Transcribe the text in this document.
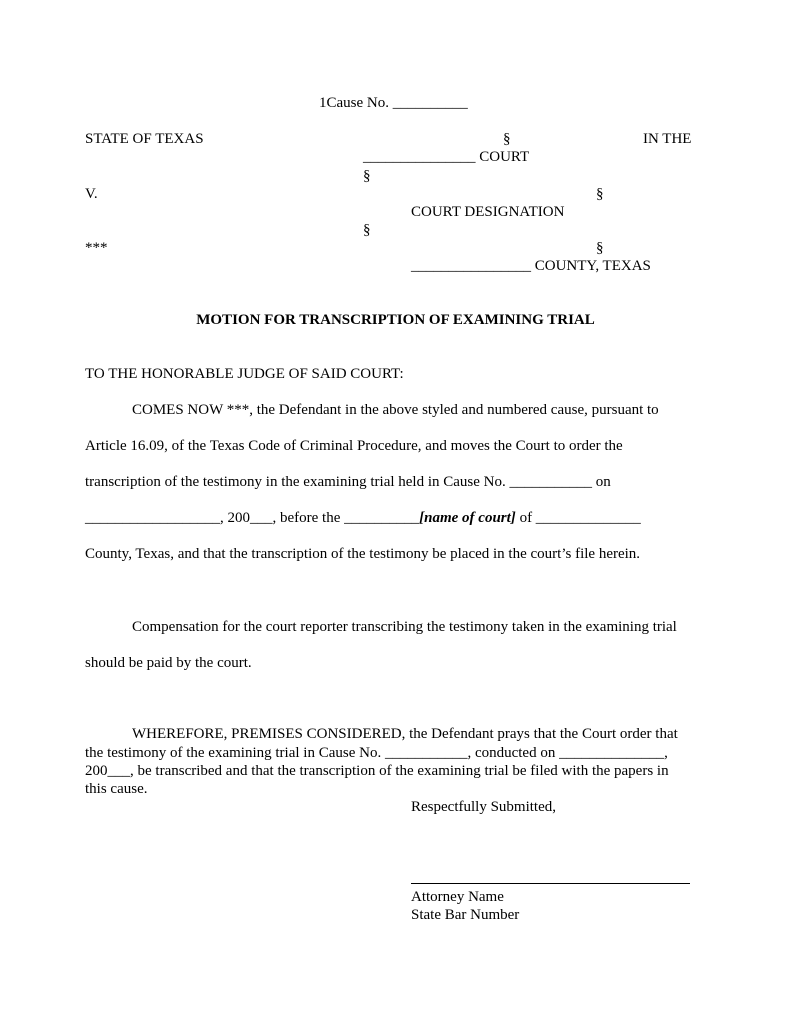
1Cause No. __________
STATE OF TEXAS	§	IN THE
_______________ COURT
§
V.	§
COURT DESIGNATION
§
***	§
________________ COUNTY, TEXAS
MOTION FOR TRANSCRIPTION OF EXAMINING TRIAL
TO THE HONORABLE JUDGE OF SAID COURT:
COMES NOW ***, the Defendant in the above styled and numbered cause, pursuant to
Article 16.09, of the Texas Code of Criminal Procedure, and moves the Court to order the
transcription of the testimony in the examining trial held in Cause No. ___________ on
__________________, 200___, before the __________[name of court] of ______________
County, Texas, and that the transcription of the testimony be placed in the court’s file herein.
Compensation for the court reporter transcribing the testimony taken in the examining trial
should be paid by the court.
WHEREFORE, PREMISES CONSIDERED, the Defendant prays that the Court order that
the testimony of the examining trial in Cause No. ___________, conducted on ______________,
200___, be transcribed and that the transcription of the examining trial be filed with the papers in
this cause.
Respectfully Submitted,
Attorney Name
State Bar Number
